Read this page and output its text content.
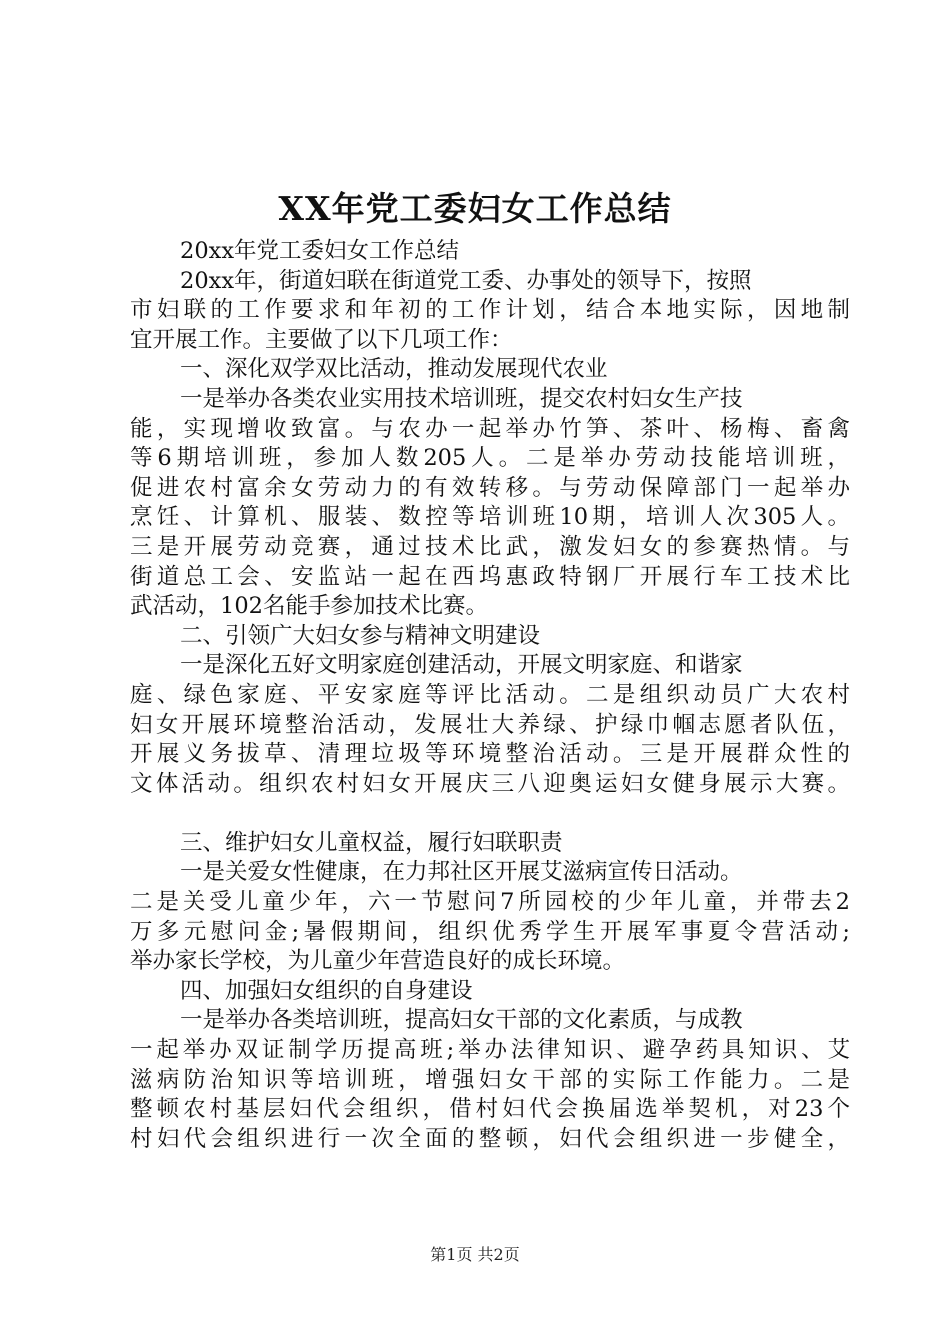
XX年党工委妇女工作总结
20xx年党工委妇女工作总结
20xx年，街道妇联在街道党工委、办事处的领导下，按照
市妇联的工作要求和年初的工作计划，结合本地实际，因地制
宜开展工作。主要做了以下几项工作：
一、深化双学双比活动，推动发展现代农业
一是举办各类农业实用技术培训班，提交农村妇女生产技
能，实现增收致富。与农办一起举办竹笋、茶叶、杨梅、畜禽
等6期培训班，参加人数205人。二是举办劳动技能培训班，
促进农村富余女劳动力的有效转移。与劳动保障部门一起举办
烹饪、计算机、服装、数控等培训班10期，培训人次305人。
三是开展劳动竞赛，通过技术比武，激发妇女的参赛热情。与
街道总工会、安监站一起在西坞惠政特钢厂开展行车工技术比
武活动，102名能手参加技术比赛。
二、引领广大妇女参与精神文明建设
一是深化五好文明家庭创建活动，开展文明家庭、和谐家
庭、绿色家庭、平安家庭等评比活动。二是组织动员广大农村
妇女开展环境整治活动，发展壮大养绿、护绿巾帼志愿者队伍，
开展义务拔草、清理垃圾等环境整治活动。三是开展群众性的
文体活动。组织农村妇女开展庆三八迎奥运妇女健身展示大赛。
三、维护妇女儿童权益，履行妇联职责
一是关爱女性健康，在力邦社区开展艾滋病宣传日活动。
二是关受儿童少年，六一节慰问7所园校的少年儿童，并带去2
万多元慰问金;暑假期间，组织优秀学生开展军事夏令营活动;
举办家长学校，为儿童少年营造良好的成长环境。
四、加强妇女组织的自身建设
一是举办各类培训班，提高妇女干部的文化素质，与成教
一起举办双证制学历提高班;举办法律知识、避孕药具知识、艾
滋病防治知识等培训班，增强妇女干部的实际工作能力。二是
整顿农村基层妇代会组织，借村妇代会换届选举契机，对23个
村妇代会组织进行一次全面的整顿，妇代会组织进一步健全，
第1页 共2页
